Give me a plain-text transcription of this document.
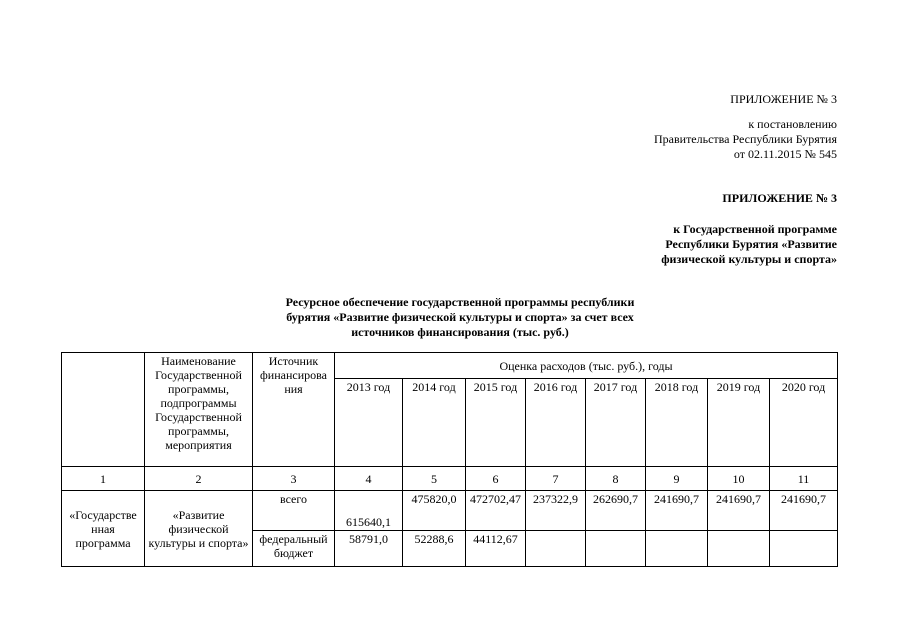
ПРИЛОЖЕНИЕ № 3
к постановлению
Правительства Республики Бурятия
от 02.11.2015 № 545
ПРИЛОЖЕНИЕ № 3
к Государственной программе
Республики Бурятия «Развитие
физической культуры и спорта»
Ресурсное обеспечение государственной программы республики
бурятия «Развитие физической культуры и спорта» за счет всех
источников финансирования (тыс. руб.)
	Наименование Государственной программы, подпрограммы Государственной программы, мероприятия	Источник финансирова ния	Оценка расходов (тыс. руб.), годы							
			2013 год	2014 год	2015 год	2016 год	2017 год	2018 год	2019 год	2020 год
1	2	3	4	5	6	7	8	9	10	11
«Государстве нная программа	«Развитие физической культуры и спорта»	всего	615640,1	475820,0	472702,47	237322,9	262690,7	241690,7	241690,7	241690,7
		федеральный бюджет	58791,0	52288,6	44112,67					
